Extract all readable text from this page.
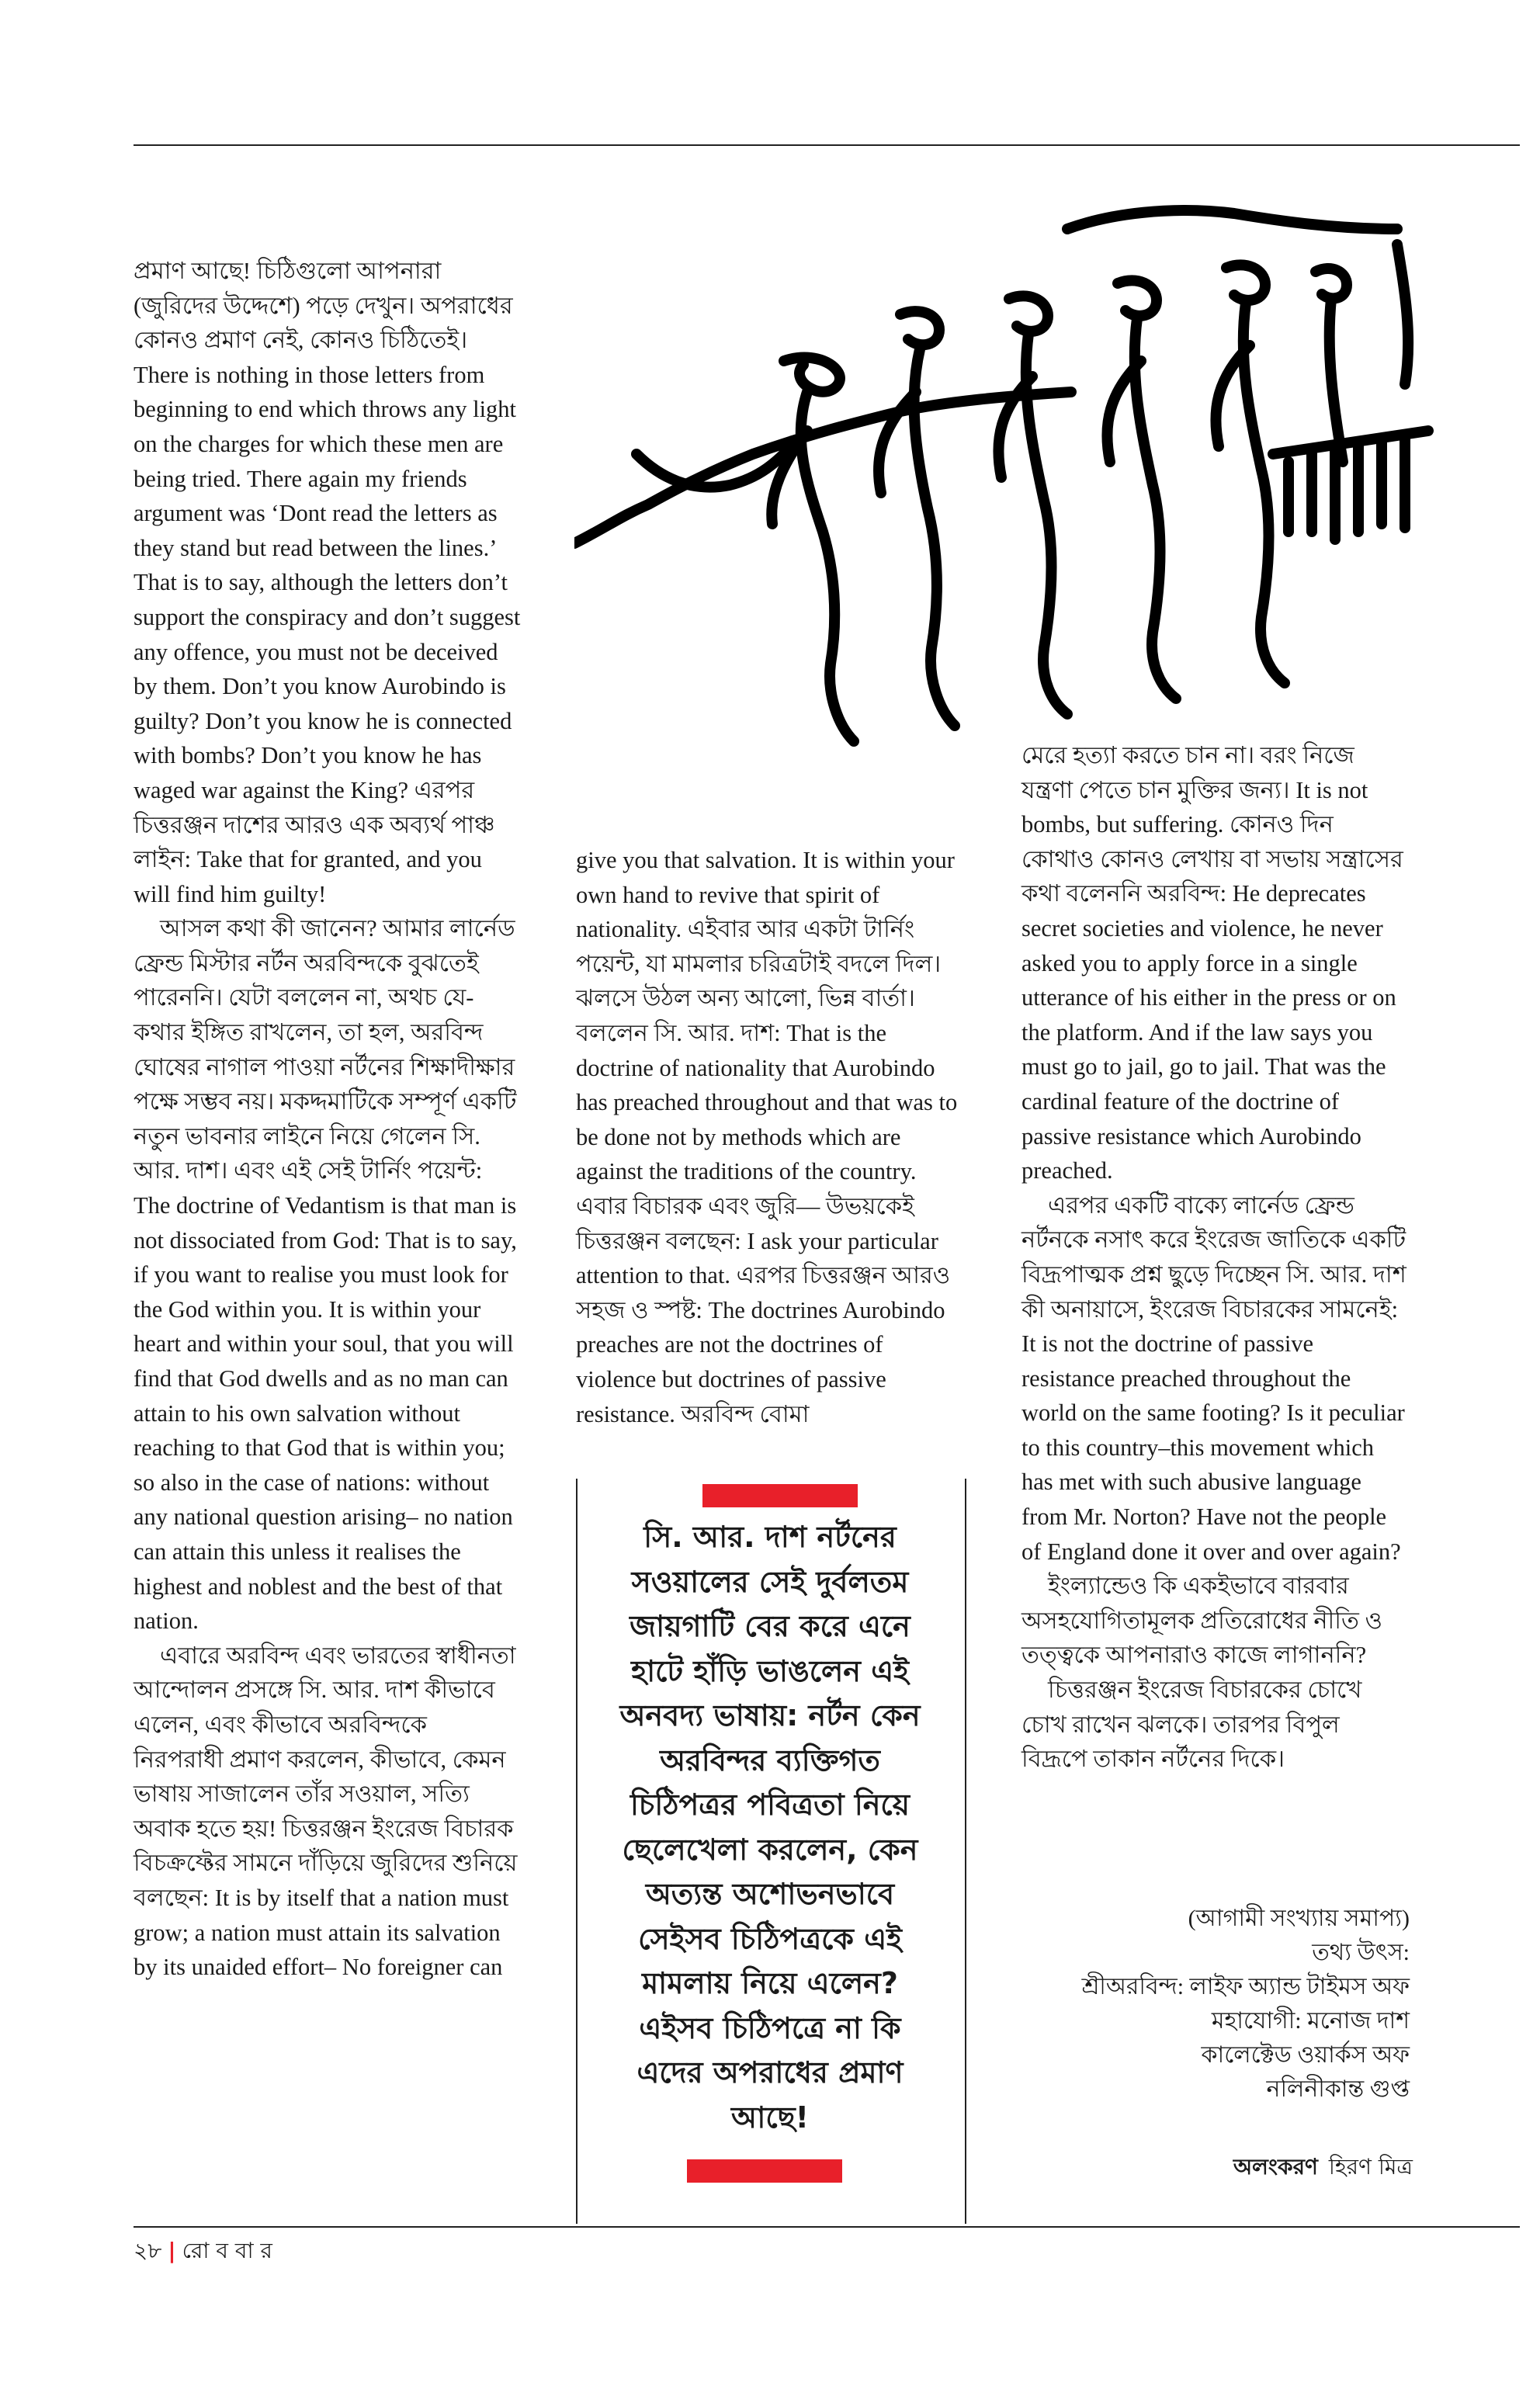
প্রমাণ আছে! চিঠিগুলো আপনারা (জুরিদের উদ্দেশে) পড়ে দেখুন। অপরাধের কোনও প্রমাণ নেই, কোনও চিঠিতেই। There is nothing in those letters from beginning to end which throws any light on the charges for which these men are being tried. There again my friends argument was ‘Dont read the letters as they stand but read between the lines.’ That is to say, although the letters don’t support the conspiracy and don’t suggest any offence, you must not be deceived by them. Don’t you know Aurobindo is guilty? Don’t you know he is connected with bombs? Don’t you know he has waged war against the King? এরপর চিত্তরঞ্জন দাশের আরও এক অব্যর্থ পাঞ্চ লাইন: Take that for granted, and you will find him guilty!

আসল কথা কী জানেন? আমার লার্নেড ফ্রেন্ড মিস্টার নর্টন অরবিন্দকে বুঝতেই পারেননি। যেটা বললেন না, অথচ যে-কথার ইঙ্গিত রাখলেন, তা হল, অরবিন্দ ঘোষের নাগাল পাওয়া নর্টনের শিক্ষাদীক্ষার পক্ষে সম্ভব নয়। মকদ্দমাটিকে সম্পূর্ণ একটি নতুন ভাবনার লাইনে নিয়ে গেলেন সি. আর. দাশ। এবং এই সেই টার্নিং পয়েন্ট: The doctrine of Vedantism is that man is not dissociated from God: That is to say, if you want to realise you must look for the God within you. It is within your heart and within your soul, that you will find that God dwells and as no man can attain to his own salvation without reaching to that God that is within you; so also in the case of nations: without any national question arising– no nation can attain this unless it realises the highest and noblest and the best of that nation.

এবারে অরবিন্দ এবং ভারতের স্বাধীনতা আন্দোলন প্রসঙ্গে সি. আর. দাশ কীভাবে এলেন, এবং কীভাবে অরবিন্দকে নিরপরাধী প্রমাণ করলেন, কীভাবে, কেমন ভাষায় সাজালেন তাঁর সওয়াল, সত্যি অবাক হতে হয়! চিত্তরঞ্জন ইংরেজ বিচারক বিচক্রফ্টের সামনে দাঁড়িয়ে জুরিদের শুনিয়ে বলছেন: It is by itself that a nation must grow; a nation must attain its salvation by its unaided effort– No foreigner can

give you that salvation. It is within your own hand to revive that spirit of nationality. এইবার আর একটা টার্নিং পয়েন্ট, যা মামলার চরিত্রটাই বদলে দিল। ঝলসে উঠল অন্য আলো, ভিন্ন বার্তা। বললেন সি. আর. দাশ: That is the doctrine of nationality that Aurobindo has preached throughout and that was to be done not by methods which are against the traditions of the country. এবার বিচারক এবং জুরি— উভয়কেই চিত্তরঞ্জন বলছেন: I ask your particular attention to that. এরপর চিত্তরঞ্জন আরও সহজ ও স্পষ্ট: The doctrines Aurobindo preaches are not the doctrines of violence but doctrines of passive resistance. অরবিন্দ বোমা

মেরে হত্যা করতে চান না। বরং নিজে যন্ত্রণা পেতে চান মুক্তির জন্য। It is not bombs, but suffering. কোনও দিন কোথাও কোনও লেখায় বা সভায় সন্ত্রাসের কথা বলেননি অরবিন্দ: He deprecates secret societies and violence, he never asked you to apply force in a single utterance of his either in the press or on the platform. And if the law says you must go to jail, go to jail. That was the cardinal feature of the doctrine of passive resistance which Aurobindo preached.

এরপর একটি বাক্যে লার্নেড ফ্রেন্ড নর্টনকে নসাৎ করে ইংরেজ জাতিকে একটি বিদ্রূপাত্মক প্রশ্ন ছুড়ে দিচ্ছেন সি. আর. দাশ কী অনায়াসে, ইংরেজ বিচারকের সামনেই: It is not the doctrine of passive resistance preached throughout the world on the same footing? Is it peculiar to this country–this movement which has met with such abusive language from Mr. Norton? Have not the people of England done it over and over again?

ইংল্যান্ডেও কি একইভাবে বারবার অসহযোগিতামূলক প্রতিরোধের নীতি ও তত্ত্বকে আপনারাও কাজে লাগাননি?

চিত্তরঞ্জন ইংরেজ বিচারকের চোখে চোখ রাখেন ঝলকে। তারপর বিপুল বিদ্রূপে তাকান নর্টনের দিকে।

সি. আর. দাশ নর্টনের সওয়ালের সেই দুর্বলতম জায়গাটি বের করে এনে হাটে হাঁড়ি ভাঙলেন এই অনবদ্য ভাষায়: নর্টন কেন অরবিন্দর ব্যক্তিগত চিঠিপত্রর পবিত্রতা নিয়ে ছেলেখেলা করলেন, কেন অত্যন্ত অশোভনভাবে সেইসব চিঠিপত্রকে এই মামলায় নিয়ে এলেন? এইসব চিঠিপত্রে না কি এদের অপরাধের প্রমাণ আছে!
(আগামী সংখ্যায় সমাপ্য)
তথ্য উৎস:
শ্রীঅরবিন্দ: লাইফ অ্যান্ড টাইমস অফ
মহাযোগী: মনোজ দাশ
কালেক্টেড ওয়ার্কস অফ
নলিনীকান্ত গুপ্ত
অলংকরণ হিরণ মিত্র
২৮ | রো ব বা র
